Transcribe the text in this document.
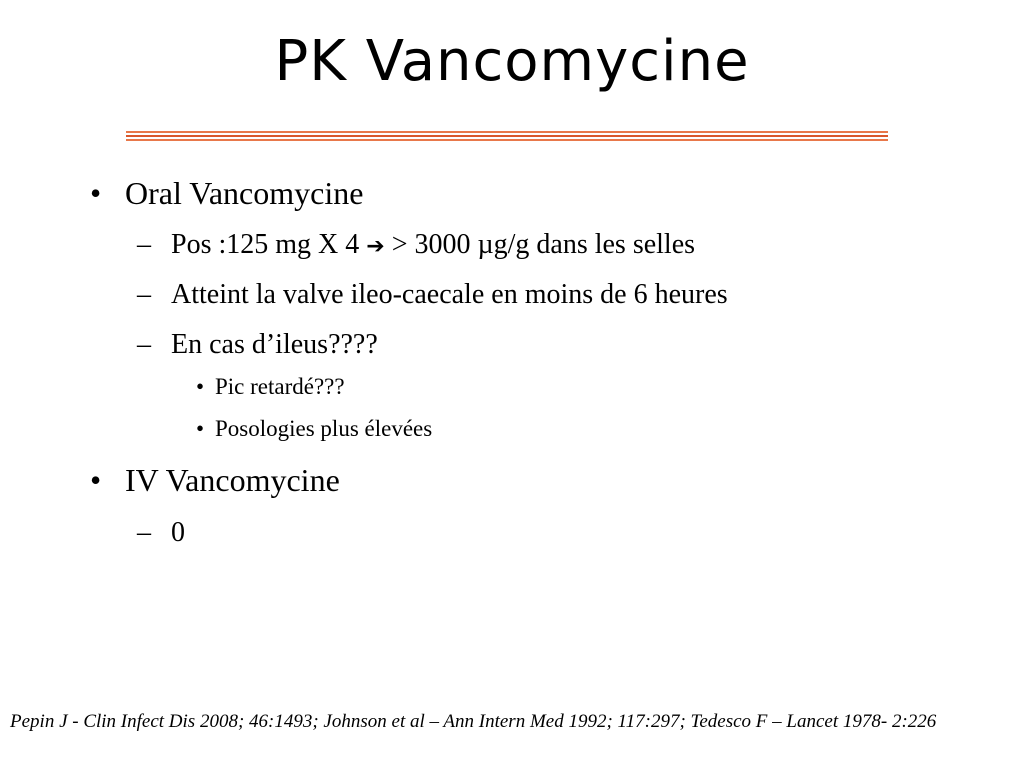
PK Vancomycine
• Oral Vancomycine
– Pos :125 mg X 4 ➔ > 3000 µg/g dans les selles
– Atteint la valve ileo-caecale en moins de 6 heures
– En cas d’ileus????
• Pic retardé???
• Posologies plus élevées
• IV Vancomycine
– 0
Pepin J - Clin Infect Dis 2008; 46:1493; Johnson et al – Ann Intern Med 1992; 117:297; Tedesco F – Lancet 1978- 2:226
